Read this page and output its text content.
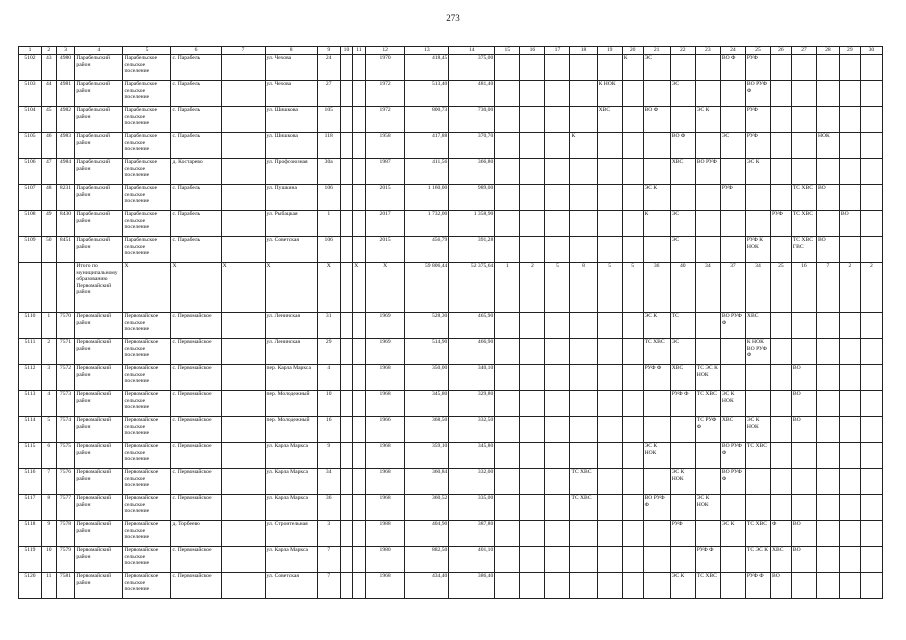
273
1	2	3	4	5	6	7	8	9	10	11	12	13	14	15	16	17	18	19	20	21	22	23	24	25	26	27	28	29	30
5102	43	4980	Парабельский район	Парабельское сельское поселение	с. Парабель		ул. Чехова	24			1970	418,45	375,00						К	ЭС			ВО Ф	РУФ					
5103	44	4981	Парабельский район	Парабельское сельское поселение	с. Парабель		ул. Чехова	27			1972	513,40	481,40					К НОК			ЭС			ВО РУФ Ф					
5104	45	4982	Парабельский район	Парабельское сельское поселение	с. Парабель		ул. Шишкова	105			1972	800,73	730,00					ХВС		ВО Ф		ЭС К		РУФ					
5105	46	4983	Парабельский район	Парабельское сельское поселение	с. Парабель		ул. Шишкова	118			1958	417,88	370,70				К				ВО Ф		ЭС	РУФ			НОК		
5106	47	4984	Парабельский район	Парабельское сельское поселение	д. Костарево		ул. Профсоюзная	30а			1987	411,56	366,80								ХВС	ВО РУФ		ЭС К					
5107	48	8231	Парабельский район	Парабельское сельское поселение	с. Парабель		ул. Пушкина	106			2015	1 160,00	989,00							ЭС К			РУФ			ТС ХВС	ВО		
5108	49	8430	Парабельский район	Парабельское сельское поселение	с. Парабель		ул. Рыбацкая	1			2017	1 732,00	1 358,90							К	ЭС				РУФ	ТС ХВС		ВО	
5109	50	8451	Парабельский район	Парабельское сельское поселение	с. Парабель		ул. Советская	106			2015	456,79	391,28								ЭС			РУФ К НОК		ТС ХВС ГВС	ВО		
			Итого по муниципальному образованию Первомайский район	Х	Х	Х	Х	Х		Х	Х	59 806,44	52 375,64	1	2	5	8	5	5	36	40	34	37	34	25	16	7	2	2
5110	1	7570	Первомайский район	Первомайское сельское поселение	с. Первомайское		ул. Ленинская	31			1969	528,30	465,90							ЭС К	ТС		ВО РУФ Ф	ХВС					
5111	2	7571	Первомайский район	Первомайское сельское поселение	с. Первомайское		ул. Ленинская	29			1969	514,90	466,90							ТС ХВС	ЭС			К НОК ВО РУФ Ф					
5112	3	7572	Первомайский район	Первомайское сельское поселение	с. Первомайское		пер. Карла Маркса	4			1968	350,00	340,10							РУФ Ф	ХВС	ТС ЭС К НОК				ВО			
5113	4	7573	Первомайский район	Первомайское сельское поселение	с. Первомайское		пер. Молодежный	10			1968	345,80	329,80								РУФ Ф	ТС ХВС	ЭС К НОК			ВО			
5114	5	7574	Первомайский район	Первомайское сельское поселение	с. Первомайское		пер. Молодежный	16			1966	368,50	332,50									ТС РУФ Ф	ХВС	ЭС К НОК		ВО			
5115	6	7575	Первомайский район	Первомайское сельское поселение	с. Первомайское		ул. Карла Маркса	9			1968	359,10	345,80							ЭС К НОК			ВО РУФ Ф	ТС ХВС					
5116	7	7576	Первомайский район	Первомайское сельское поселение	с. Первомайское		ул. Карла Маркса	34			1968	360,84	332,00				ТС ХВС				ЭС К НОК		ВО РУФ Ф						
5117	8	7577	Первомайский район	Первомайское сельское поселение	с. Первомайское		ул. Карла Маркса	36			1968	360,52	335,00				ТС ХВС			ВО РУФ Ф		ЭС К НОК							
5118	9	7578	Первомайский район	Первомайское сельское поселение	д. Торбеево		ул. Строительная	3			1988	404,90	387,80								РУФ		ЭС К	ТС ХВС	Ф	ВО			
5119	10	7579	Первомайский район	Первомайское сельское поселение	с. Первомайское		ул. Карла Маркса	7			1980	882,50	401,10									РУФ Ф		ТС ЭС К	ХВС	ВО			
5120	11	7581	Первомайский район	Первомайское сельское поселение	с. Первомайское		ул. Советская	7			1968	434,40	386,40								ЭС К	ТС ХВС		РУФ Ф	ВО				
